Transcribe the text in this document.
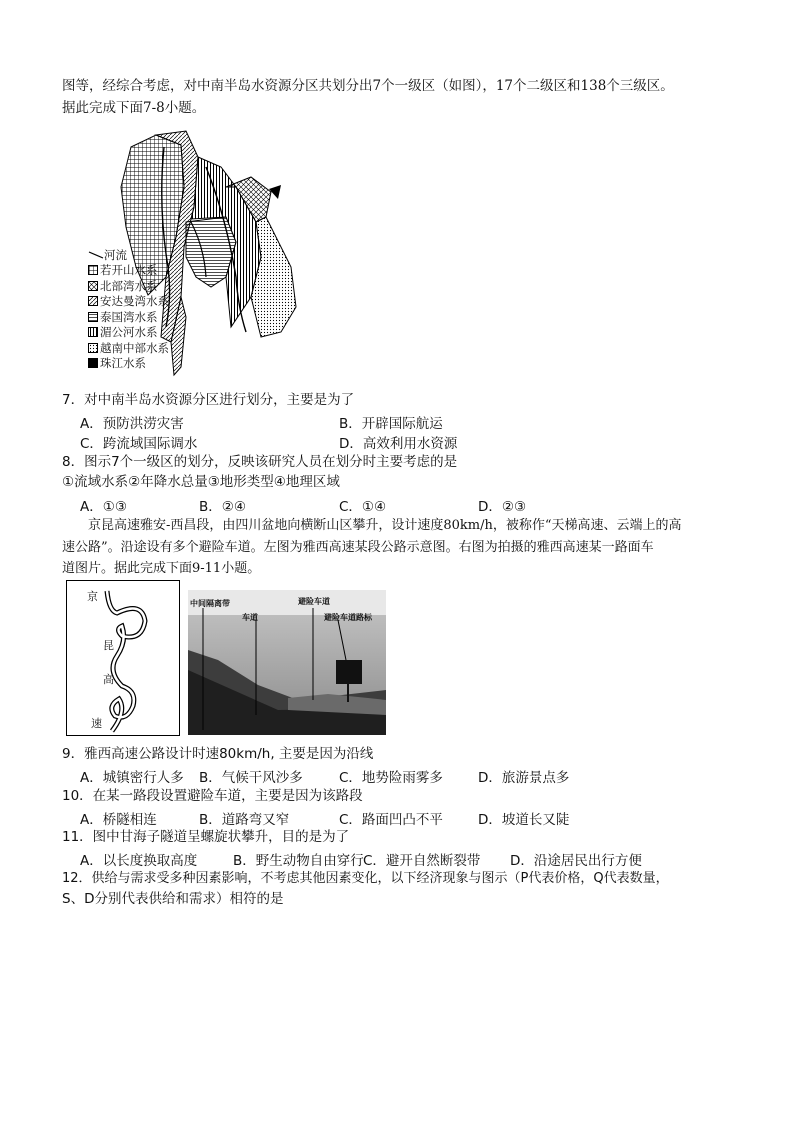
图等，经综合考虑，对中南半岛水资源分区共划分出7个一级区（如图），17个二级区和138个三级区。
据此完成下面7-8小题。
河流
若开山水系
北部湾水系
安达曼湾水系
泰国湾水系
湄公河水系
越南中部水系
珠江水系
7．对中南半岛水资源分区进行划分，主要是为了
A．预防洪涝灾害	B．开辟国际航运
C．跨流域国际调水	D．高效利用水资源
8．图示7个一级区的划分，反映该研究人员在划分时主要考虑的是
①流域水系②年降水总量③地形类型④地理区域
A．①③	B．②④	C．①④	D．②③
京昆高速雅安-西昌段，由四川盆地向横断山区攀升，设计速度80km/h，被称作“天梯高速、云端上的高
速公路”。沿途设有多个避险车道。左图为雅西高速某段公路示意图。右图为拍摄的雅西高速某一路面车
道图片。据此完成下面9-11小题。
京
昆
高
速
中间隔离带
车道
避险车道
避险车道路标
9．雅西高速公路设计时速80km/h, 主要是因为沿线
A．城镇密行人多 B．气候干风沙多	C．地势险雨雾多	D．旅游景点多
10．在某一路段设置避险车道，主要是因为该路段
A．桥隧相连	B．道路弯又窄	C．路面凹凸不平	D．坡道长又陡
11．图中甘海子隧道呈螺旋状攀升，目的是为了
A．以长度换取高度	B．野生动物自由穿行 C．避开自然断裂带 D．沿途居民出行方便
12．供给与需求受多种因素影响，不考虑其他因素变化，以下经济现象与图示（P代表价格，Q代表数量，
S、D分别代表供给和需求）相符的是
